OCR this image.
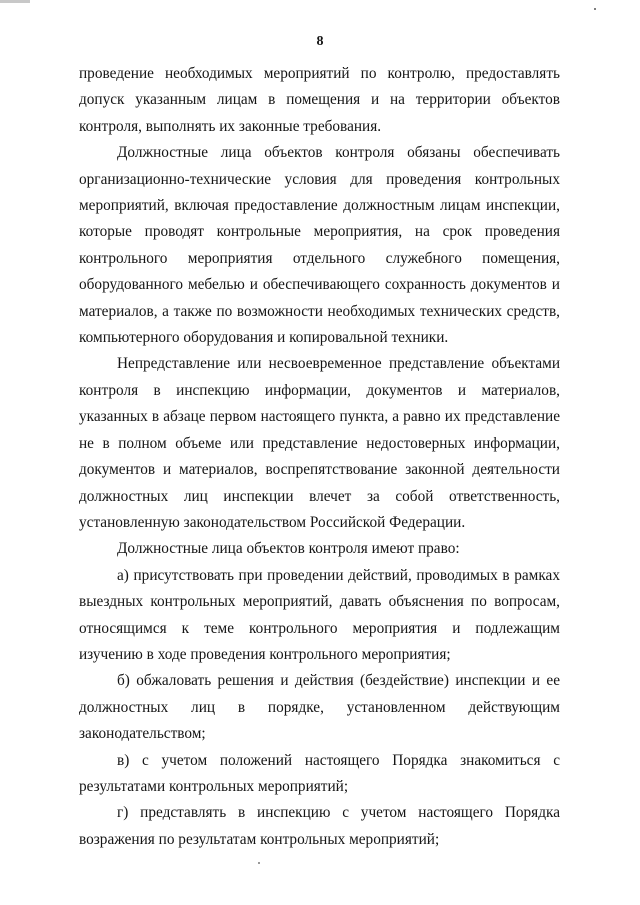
8

проведение необходимых мероприятий по контролю, предоставлять допуск указанным лицам в помещения и на территории объектов контроля, выполнять их законные требования.

Должностные лица объектов контроля обязаны обеспечивать организационно-технические условия для проведения контрольных мероприятий, включая предоставление должностным лицам инспекции, которые проводят контрольные мероприятия, на срок проведения контрольного мероприятия отдельного служебного помещения, оборудованного мебелью и обеспечивающего сохранность документов и материалов, а также по возможности необходимых технических средств, компьютерного оборудования и копировальной техники.

Непредставление или несвоевременное представление объектами контроля в инспекцию информации, документов и материалов, указанных в абзаце первом настоящего пункта, а равно их представление не в полном объеме или представление недостоверных информации, документов и материалов, воспрепятствование законной деятельности должностных лиц инспекции влечет за собой ответственность, установленную законодательством Российской Федерации.

Должностные лица объектов контроля имеют право:

а) присутствовать при проведении действий, проводимых в рамках выездных контрольных мероприятий, давать объяснения по вопросам, относящимся к теме контрольного мероприятия и подлежащим изучению в ходе проведения контрольного мероприятия;

б) обжаловать решения и действия (бездействие) инспекции и ее должностных лиц в порядке, установленном действующим законодательством;

в) с учетом положений настоящего Порядка знакомиться с результатами контрольных мероприятий;

г) представлять в инспекцию с учетом настоящего Порядка возражения по результатам контрольных мероприятий;
